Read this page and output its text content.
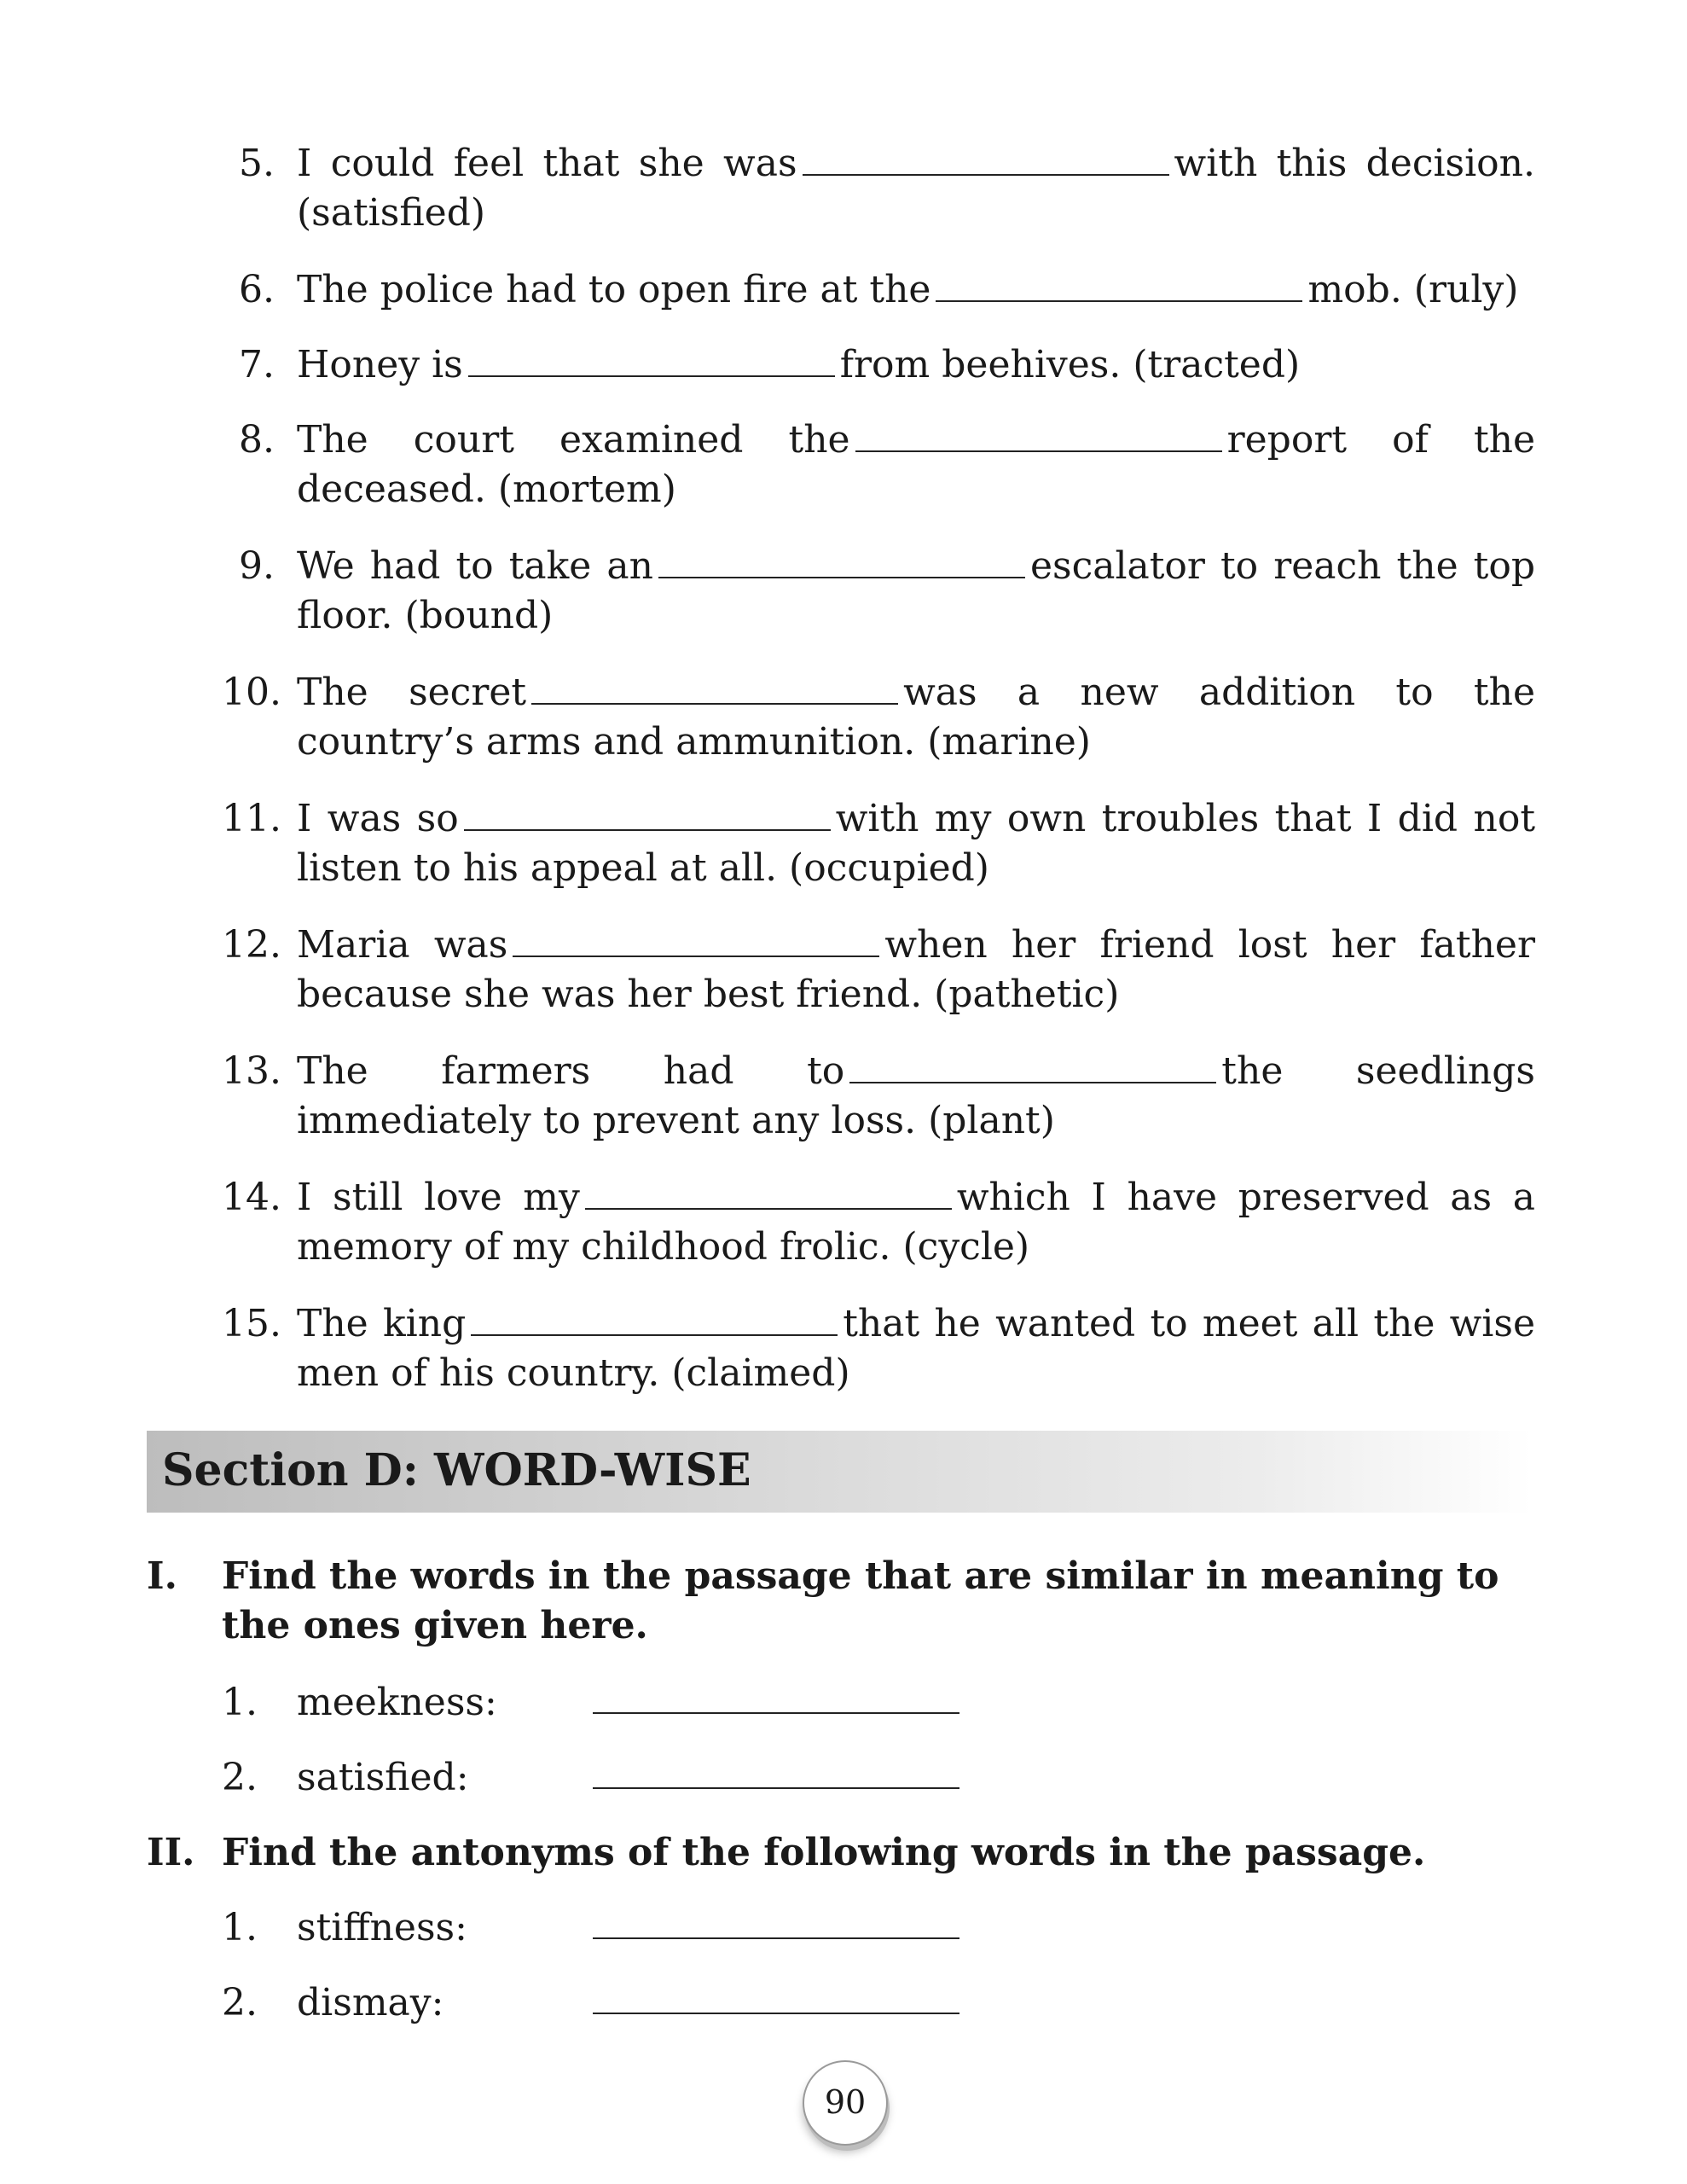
5. I could feel that she was	with this decision. (satisfied)
6. The police had to open fire at the	mob. (ruly)
7. Honey is	from beehives. (tracted)
8. The court examined the	report of the deceased. (mortem)
9. We had to take an	escalator to reach the top floor. (bound)
10. The secret	was a new addition to the country’s arms and ammunition. (marine)
11. I was so	with my own troubles that I did not listen to his appeal at all. (occupied)
12. Maria was	when her friend lost her father because she was her best friend. (pathetic)
13. The farmers had to	the seedlings immediately to prevent any loss. (plant)
14. I still love my	which I have preserved as a memory of my childhood frolic. (cycle)
15. The king	that he wanted to meet all the wise men of his country. (claimed)
Section D: WORD-WISE
I. Find the words in the passage that are similar in meaning to the ones given here.
1. meekness:
2. satisfied:
II. Find the antonyms of the following words in the passage.
1. stiffness:
2. dismay:
90
